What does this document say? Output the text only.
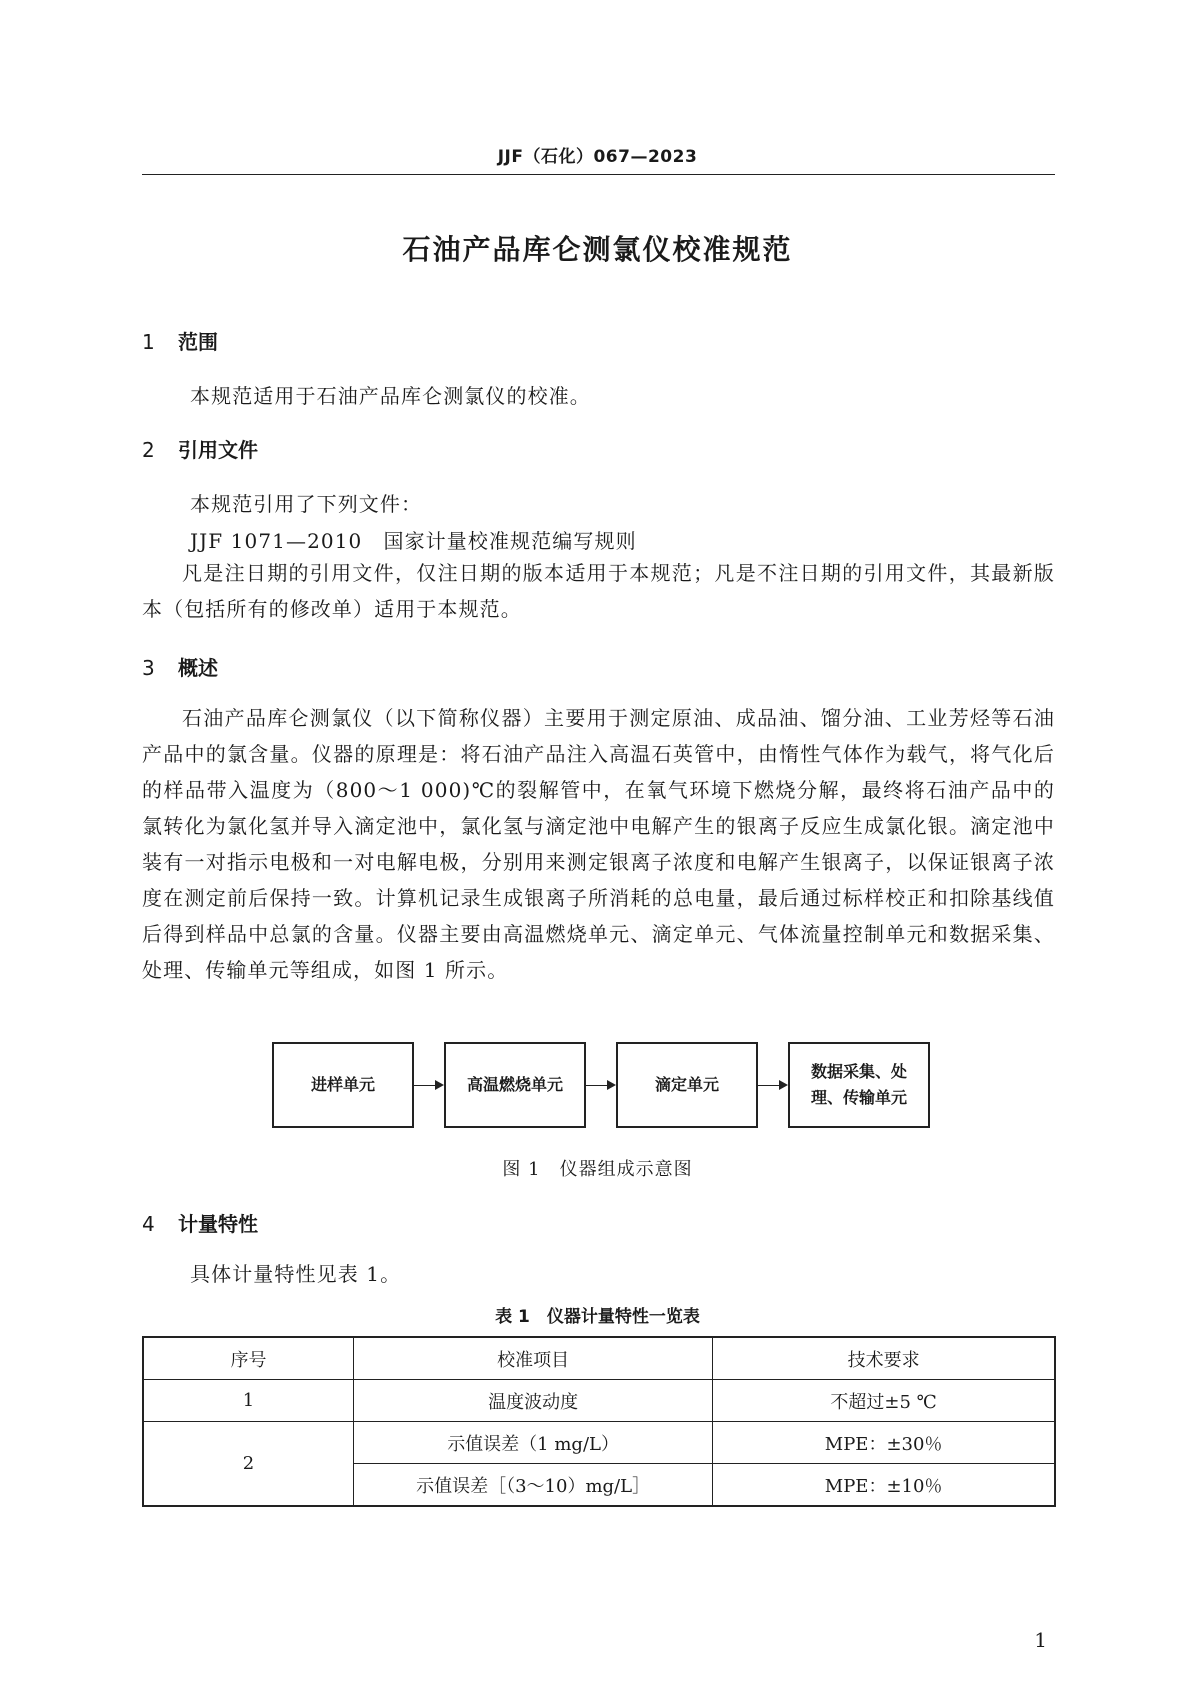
JJF（石化）067—2023
石油产品库仑测氯仪校准规范
1 范围
本规范适用于石油产品库仑测氯仪的校准。
2 引用文件
本规范引用了下列文件：
JJF 1071—2010　国家计量校准规范编写规则
凡是注日期的引用文件，仅注日期的版本适用于本规范；凡是不注日期的引用文件，其最新版本（包括所有的修改单）适用于本规范。
3 概述
石油产品库仑测氯仪（以下简称仪器）主要用于测定原油、成品油、馏分油、工业芳烃等石油产品中的氯含量。仪器的原理是：将石油产品注入高温石英管中，由惰性气体作为载气，将气化后的样品带入温度为（800～1 000)℃的裂解管中，在氧气环境下燃烧分解，最终将石油产品中的氯转化为氯化氢并导入滴定池中，氯化氢与滴定池中电解产生的银离子反应生成氯化银。滴定池中装有一对指示电极和一对电解电极，分别用来测定银离子浓度和电解产生银离子，以保证银离子浓度在测定前后保持一致。计算机记录生成银离子所消耗的总电量，最后通过标样校正和扣除基线值后得到样品中总氯的含量。仪器主要由高温燃烧单元、滴定单元、气体流量控制单元和数据采集、处理、传输单元等组成，如图 1 所示。
进样单元	高温燃烧单元	滴定单元
数据采集、处
理、传输单元
图 1　仪器组成示意图
4 计量特性
具体计量特性见表 1。
表 1　仪器计量特性一览表
序号	校准项目	技术要求
1	温度波动度	不超过±5 ℃
2	示值误差（1 mg/L）	MPE：±30％
	示值误差［（3～10）mg/L］	MPE：±10％
1
